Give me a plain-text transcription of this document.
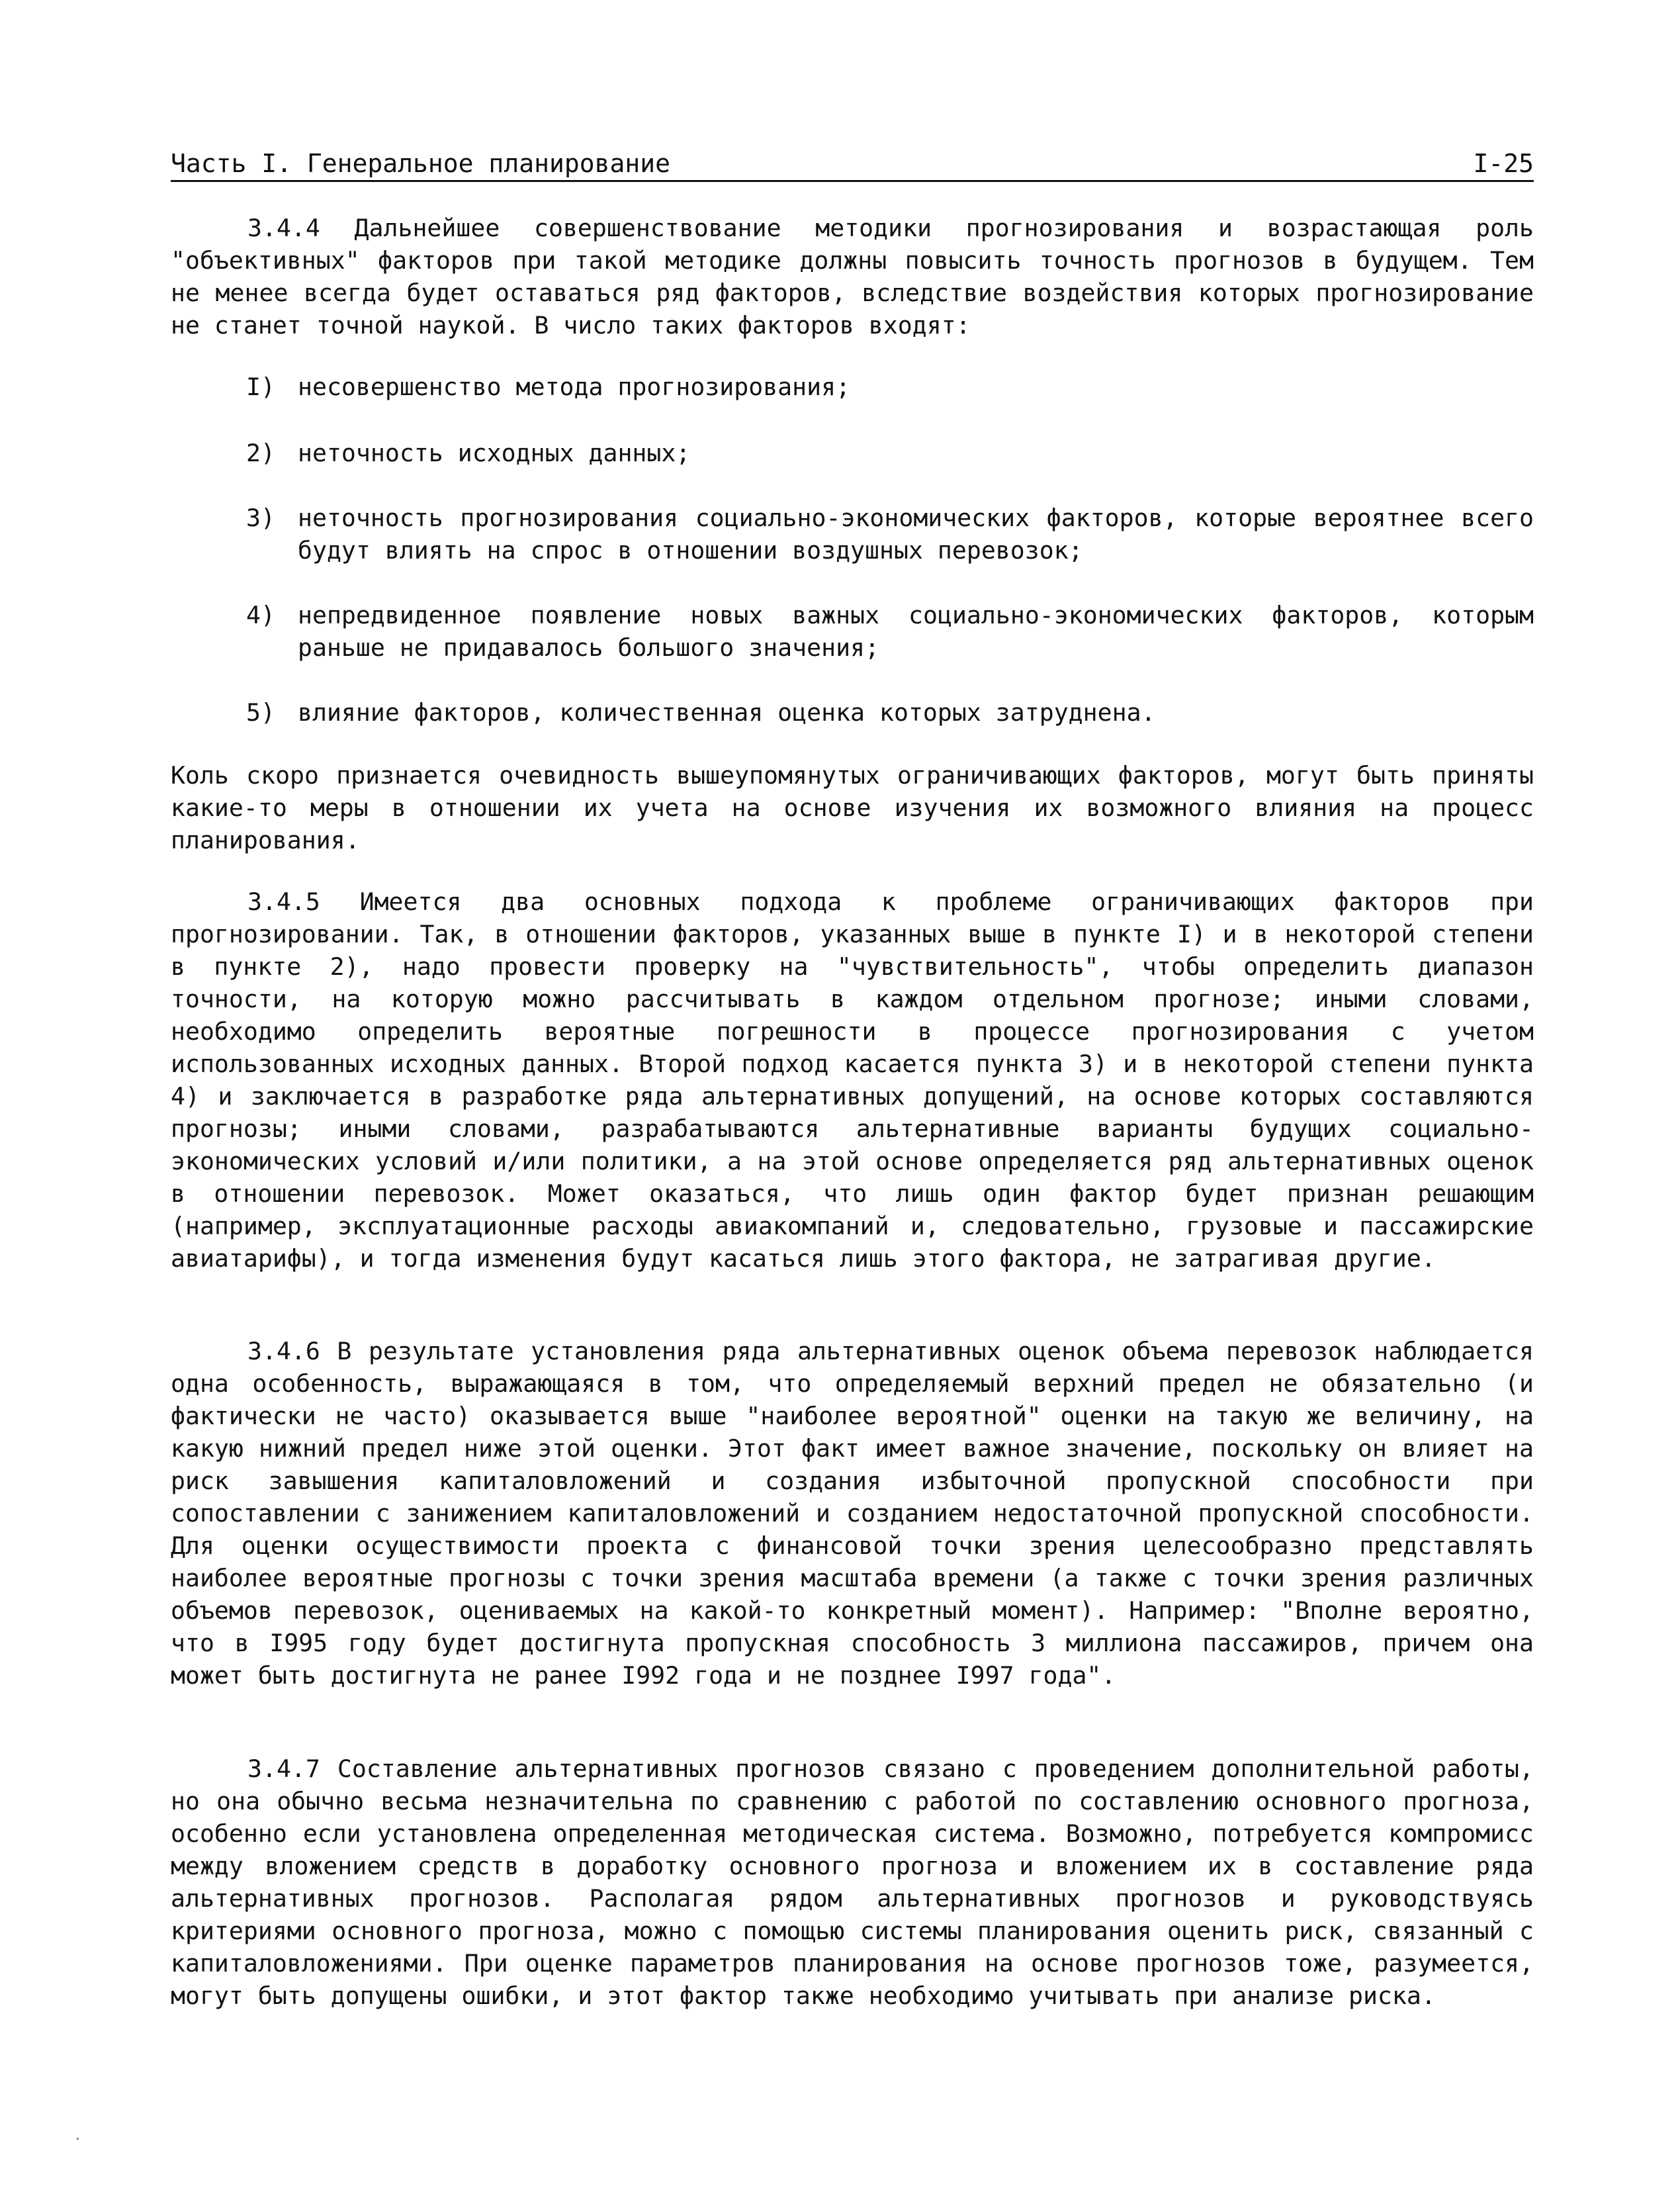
Часть I. Генеральное планирование	I-25

3.4.4 Дальнейшее совершенствование методики прогнозирования и возрастающая роль "объективных" факторов при такой методике должны повысить точность прогнозов в будущем. Тем не менее всегда будет оставаться ряд факторов, вследствие воздействия которых прогнозирование не станет точной наукой. В число таких факторов входят:

I) несовершенство метода прогнозирования;
2) неточность исходных данных;
3) неточность прогнозирования социально-экономических факторов, которые вероятнее всего будут влиять на спрос в отношении воздушных перевозок;
4) непредвиденное появление новых важных социально-экономических факторов, которым раньше не придавалось большого значения;
5) влияние факторов, количественная оценка которых затруднена.

Коль скоро признается очевидность вышеупомянутых ограничивающих факторов, могут быть приняты какие-то меры в отношении их учета на основе изучения их возможного влияния на процесс планирования.

3.4.5 Имеется два основных подхода к проблеме ограничивающих факторов при прогнозировании. Так, в отношении факторов, указанных выше в пункте I) и в некоторой степени в пункте 2), надо провести проверку на "чувствительность", чтобы определить диапазон точности, на которую можно рассчитывать в каждом отдельном прогнозе; иными словами, необходимо определить вероятные погрешности в процессе прогнозирования с учетом использованных исходных данных. Второй подход касается пункта 3) и в некоторой степени пункта 4) и заключается в разработке ряда альтернативных допущений, на основе которых составляются прогнозы; иными словами, разрабатываются альтернативные варианты будущих социально-экономических условий и/или политики, а на этой основе определяется ряд альтернативных оценок в отношении перевозок. Может оказаться, что лишь один фактор будет признан решающим (например, эксплуатационные расходы авиакомпаний и, следовательно, грузовые и пассажирские авиатарифы), и тогда изменения будут касаться лишь этого фактора, не затрагивая другие.

3.4.6 В результате установления ряда альтернативных оценок объема перевозок наблюдается одна особенность, выражающаяся в том, что определяемый верхний предел не обязательно (и фактически не часто) оказывается выше "наиболее вероятной" оценки на такую же величину, на какую нижний предел ниже этой оценки. Этот факт имеет важное значение, поскольку он влияет на риск завышения капиталовложений и создания избыточной пропускной способности при сопоставлении с занижением капиталовложений и созданием недостаточной пропускной способности. Для оценки осуществимости проекта с финансовой точки зрения целесообразно представлять наиболее вероятные прогнозы с точки зрения масштаба времени (а также с точки зрения различных объемов перевозок, оцениваемых на какой-то конкретный момент). Например: "Вполне вероятно, что в I995 году будет достигнута пропускная способность 3 миллиона пассажиров, причем она может быть достигнута не ранее I992 года и не позднее I997 года".

3.4.7 Составление альтернативных прогнозов связано с проведением дополнительной работы, но она обычно весьма незначительна по сравнению с работой по составлению основного прогноза, особенно если установлена определенная методическая система. Возможно, потребуется компромисс между вложением средств в доработку основного прогноза и вложением их в составление ряда альтернативных прогнозов. Располагая рядом альтернативных прогнозов и руководствуясь критериями основного прогноза, можно с помощью системы планирования оценить риск, связанный с капиталовложениями. При оценке параметров планирования на основе прогнозов тоже, разумеется, могут быть допущены ошибки, и этот фактор также необходимо учитывать при анализе риска.
